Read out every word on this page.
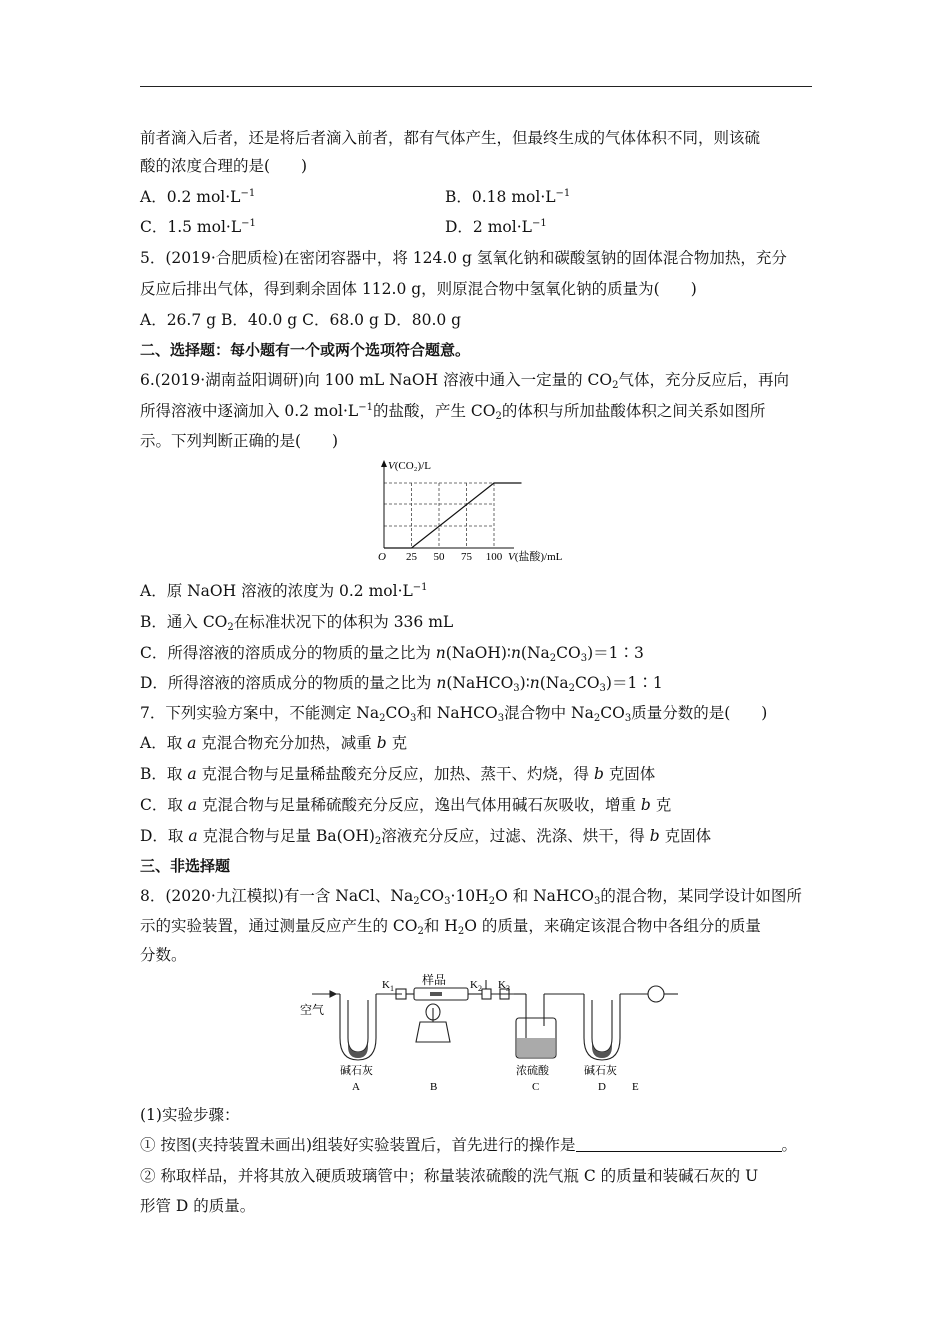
前者滴入后者，还是将后者滴入前者，都有气体产生，但最终生成的气体体积不同，则该硫
酸的浓度合理的是(　　)
A．0.2 $mol\cdot L^{-1}$	B．0.18 $mol\cdot L^{-1}$
C．1.5 $mol\cdot L^{-1}$	D．2 $mol\cdot L^{-1}$
5．(2019·合肥质检)在密闭容器中，将 124.0 g 氢氧化钠和碳酸氢钠的固体混合物加热，充分
反应后排出气体，得到剩余固体 112.0 g，则原混合物中氢氧化钠的质量为(　　)
A．26.7 g B．40.0 g C．68.0 g D．80.0 g
二、选择题：每小题有一个或两个选项符合题意。
6.(2019·湖南益阳调研)向 100 mL NaOH 溶液中通入一定量的 $CO_2$气体，充分反应后，再向
所得溶液中逐滴加入 0.2 $mol\cdot L^{-1}$的盐酸，产生 $CO_2$的体积与所加盐酸体积之间关系如图所
示。下列判断正确的是(　　)
V(CO₂)/L
O 25 50 75 100 V(盐酸)/mL
A．原 NaOH 溶液的浓度为 0.2 $mol\cdot L^{-1}$
B．通入 $CO_2$在标准状况下的体积为 336 mL
C．所得溶液的溶质成分的物质的量之比为 $n(NaOH)∶n(Na_2CO_3)=1∶3$
D．所得溶液的溶质成分的物质的量之比为 $n(NaHCO_3)∶n(Na_2CO_3)=1∶1$
7．下列实验方案中，不能测定 $Na_2CO_3$和 NaHCO$_3$混合物中 $Na_2CO_3$质量分数的是(　　)
A．取 a 克混合物充分加热，减重 b 克
B．取 a 克混合物与足量稀盐酸充分反应，加热、蒸干、灼烧，得 b 克固体
C．取 a 克混合物与足量稀硫酸充分反应，逸出气体用碱石灰吸收，增重 b 克
D．取 a 克混合物与足量 $Ba(OH)_2$溶液充分反应，过滤、洗涤、烘干，得 b 克固体
三、非选择题
8．(2020·九江模拟)有一含 NaCl、$Na_2CO_3\cdot 10H_2O$ 和 NaHCO$_3$的混合物，某同学设计如图所
示的实验装置，通过测量反应产生的 $CO_2$和 $H_2O$ 的质量，来确定该混合物中各组分的质量
分数。
空气
样品
$K_1$	$K_2$ $K_3$
碱石灰	浓硫酸	碱石灰
A	B	C	D E
(1)实验步骤：
① 按图(夹持装置未画出)组装好实验装置后，首先进行的操作是	。
② 称取样品，并将其放入硬质玻璃管中；称量装浓硫酸的洗气瓶 C 的质量和装碱石灰的 U
形管 D 的质量。
